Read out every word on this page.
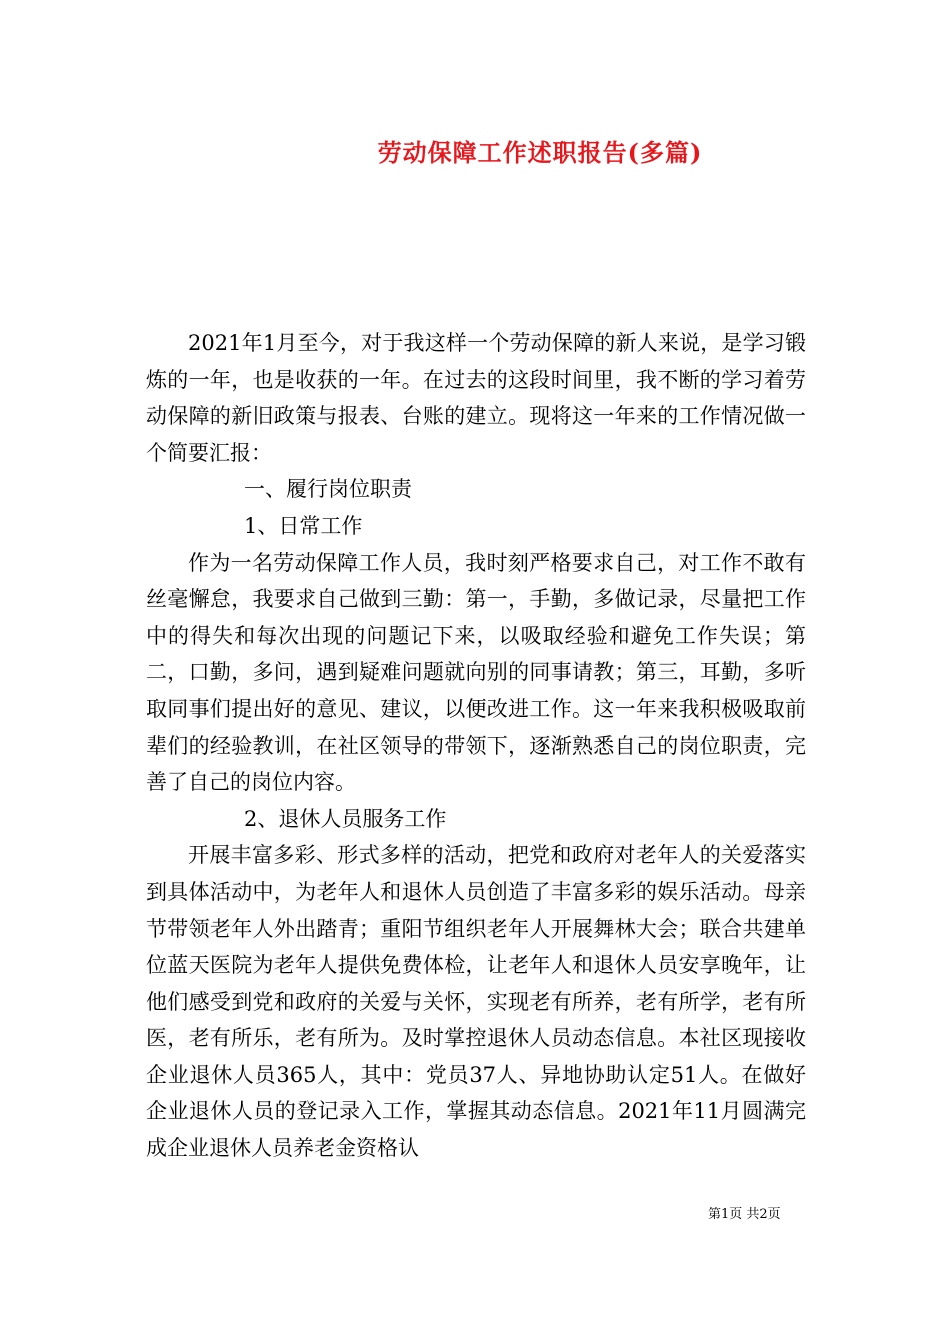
劳动保障工作述职报告(多篇)

2021年1月至今，对于我这样一个劳动保障的新人来说，是学习锻炼的一年，也是收获的一年。在过去的这段时间里，我不断的学习着劳动保障的新旧政策与报表、台账的建立。现将这一年来的工作情况做一个简要汇报：

一、履行岗位职责

1、日常工作

作为一名劳动保障工作人员，我时刻严格要求自己，对工作不敢有丝毫懈怠，我要求自己做到三勤：第一，手勤，多做记录，尽量把工作中的得失和每次出现的问题记下来，以吸取经验和避免工作失误；第二，口勤，多问，遇到疑难问题就向别的同事请教；第三，耳勤，多听取同事们提出好的意见、建议，以便改进工作。这一年来我积极吸取前辈们的经验教训，在社区领导的带领下，逐渐熟悉自己的岗位职责，完善了自己的岗位内容。

2、退休人员服务工作

开展丰富多彩、形式多样的活动，把党和政府对老年人的关爱落实到具体活动中，为老年人和退休人员创造了丰富多彩的娱乐活动。母亲节带领老年人外出踏青；重阳节组织老年人开展舞林大会；联合共建单位蓝天医院为老年人提供免费体检，让老年人和退休人员安享晚年，让他们感受到党和政府的关爱与关怀，实现老有所养，老有所学，老有所医，老有所乐，老有所为。及时掌控退休人员动态信息。本社区现接收企业退休人员365人，其中：党员37人、异地协助认定51人。在做好企业退休人员的登记录入工作，掌握其动态信息。2021年11月圆满完成企业退休人员养老金资格认

第1页 共2页
